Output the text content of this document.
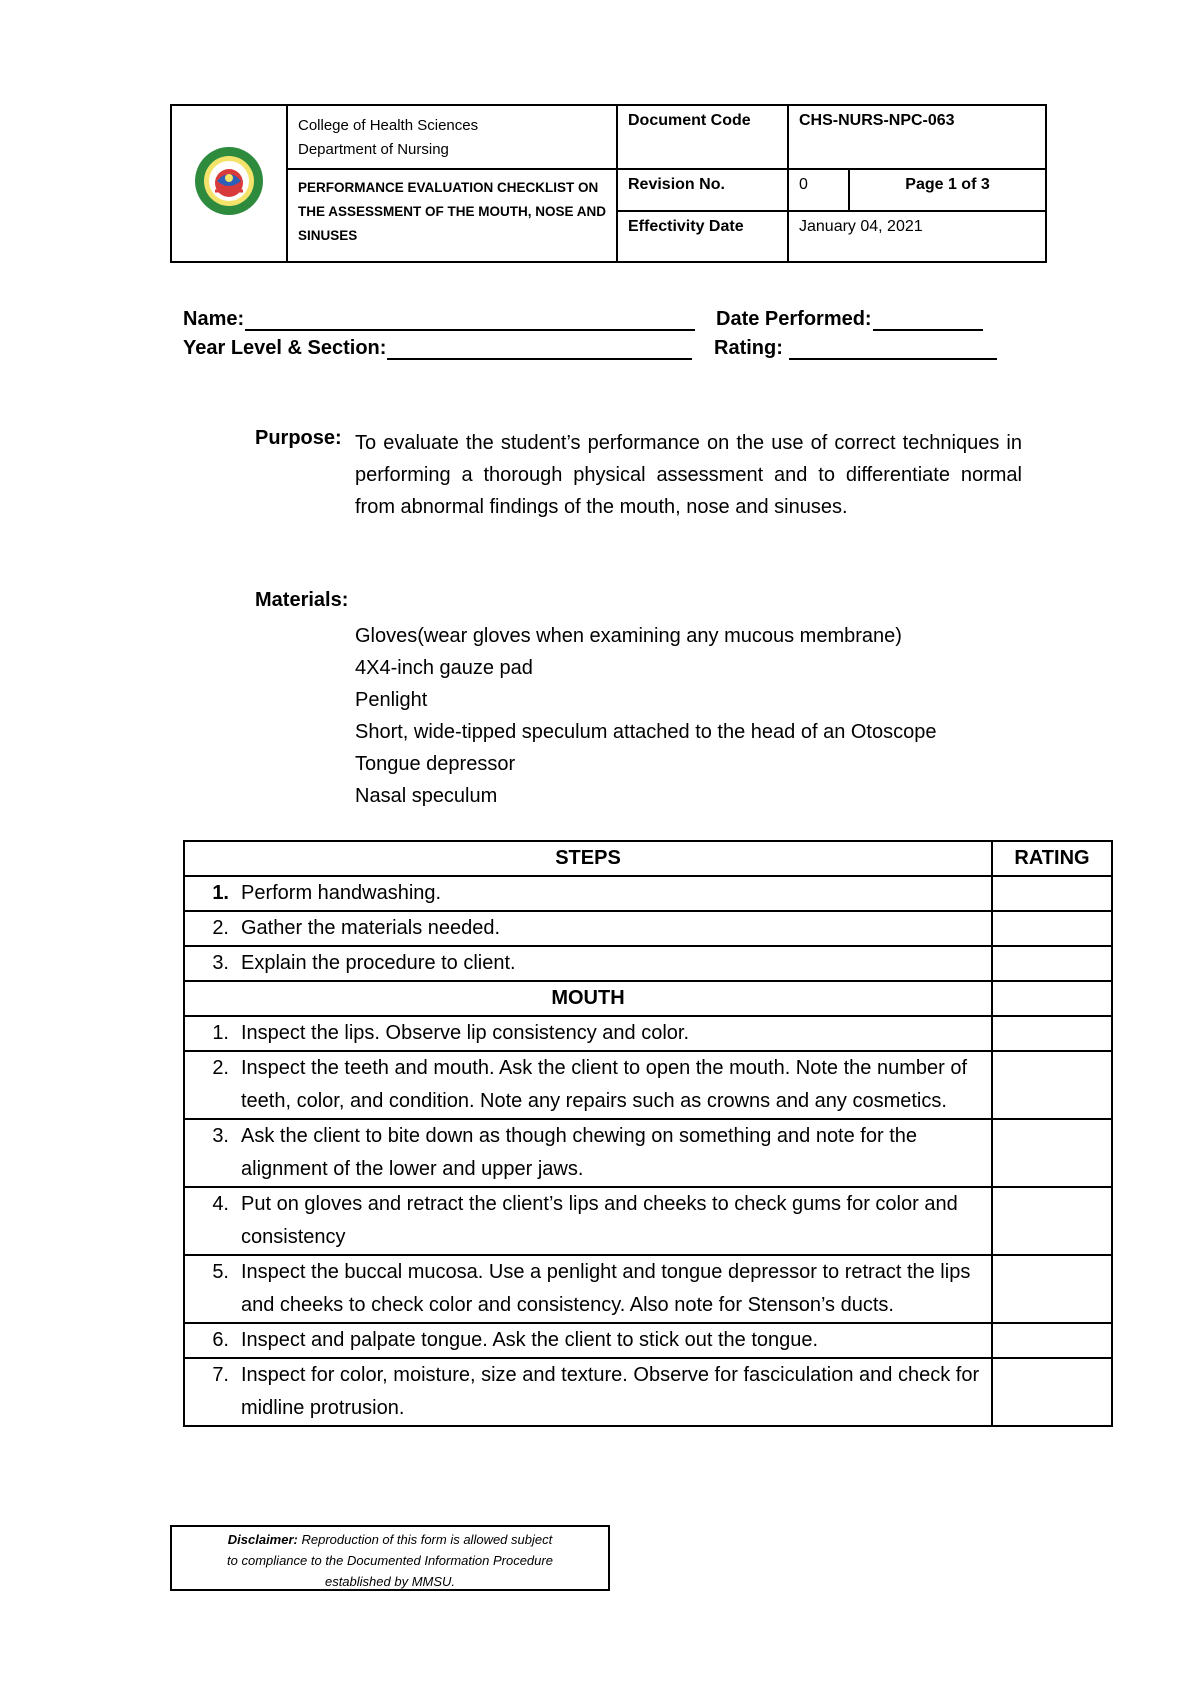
College of Health Sciences
Department of Nursing	Document Code	CHS-NURS-NPC-063	
	PERFORMANCE EVALUATION CHECKLIST ON THE ASSESSMENT OF THE MOUTH, NOSE AND SINUSES	Revision No.	0	Page 1 of 3
		Effectivity Date	January 04, 2021	
Name:	Date Performed:
Year Level & Section:	Rating:
Purpose: To evaluate the student’s performance on the use of correct techniques in performing a thorough physical assessment and to differentiate normal from abnormal findings of the mouth, nose and sinuses.
Materials:
Gloves(wear gloves when examining any mucous membrane)
4X4-inch gauze pad
Penlight
Short, wide-tipped speculum attached to the head of an Otoscope
Tongue depressor
Nasal speculum
STEPS	RATING

1. Perform handwashing.	

2. Gather the materials needed.	

3. Explain the procedure to client.	

MOUTH	

1. Inspect the lips. Observe lip consistency and color.	

2. Inspect the teeth and mouth. Ask the client to open the mouth. Note the number of teeth, color, and condition. Note any repairs such as crowns and any cosmetics.	

3. Ask the client to bite down as though chewing on something and note for the alignment of the lower and upper jaws.	

4. Put on gloves and retract the client’s lips and cheeks to check gums for color and consistency	

5. Inspect the buccal mucosa. Use a penlight and tongue depressor to retract the lips and cheeks to check color and consistency. Also note for Stenson’s ducts.	

6. Inspect and palpate tongue. Ask the client to stick out the tongue.	

7. Inspect for color, moisture, size and texture. Observe for fasciculation and check for midline protrusion.	

Disclaimer: Reproduction of this form is allowed subject
to compliance to the Documented Information Procedure
established by MMSU.
